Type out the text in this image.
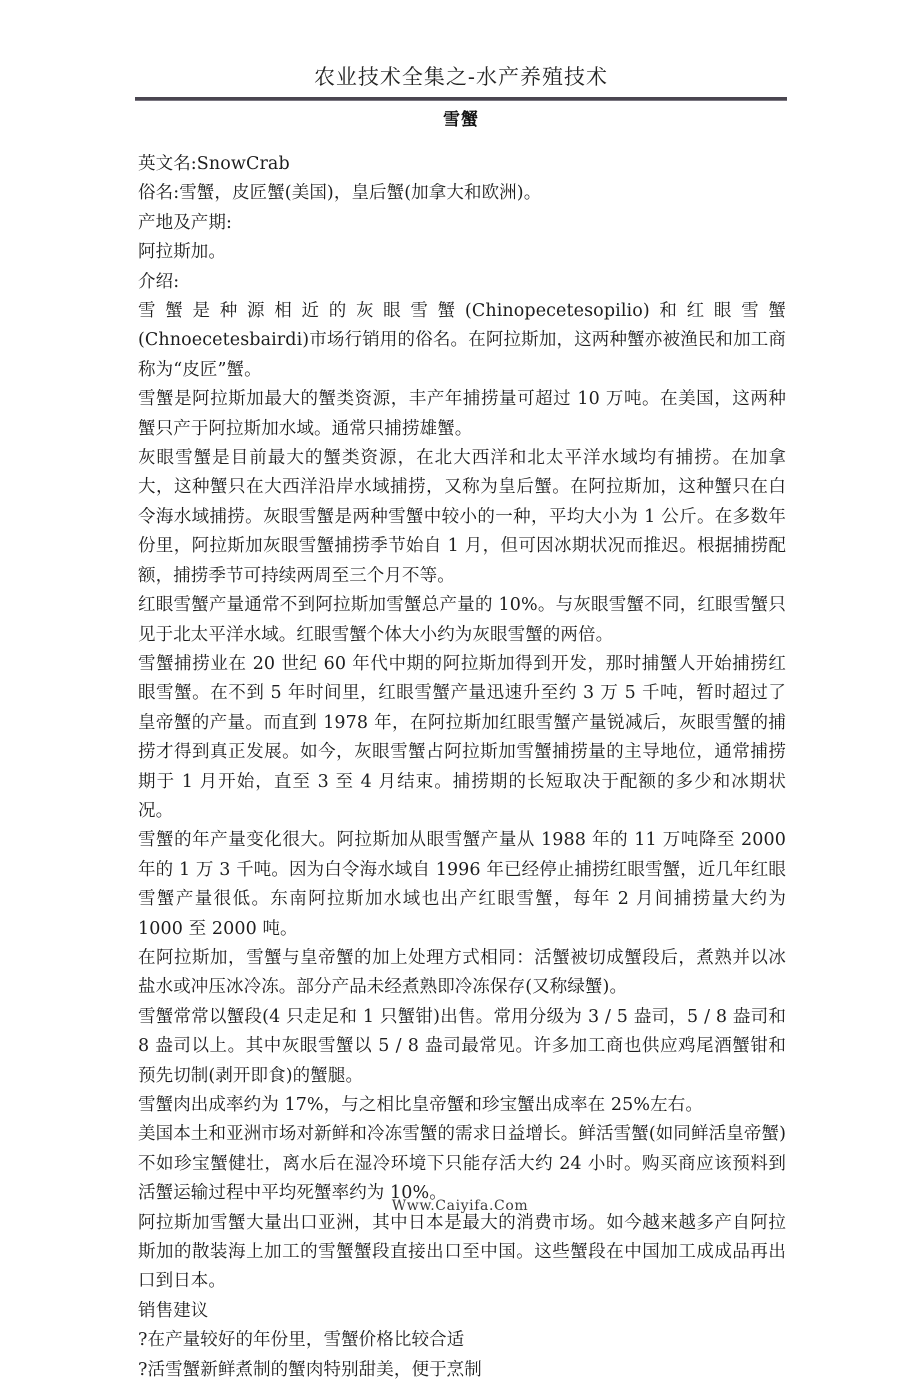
农业技术全集之-水产养殖技术
雪蟹

英文名:SnowCrab

俗名:雪蟹，皮匠蟹(美国)，皇后蟹(加拿大和欧洲)。

产地及产期:

阿拉斯加。

介绍:

雪蟹是种源相近的灰眼雪蟹(Chinopecetesopilio)和红眼雪蟹(Chnoecetesbairdi)市场行销用的俗名。在阿拉斯加，这两种蟹亦被渔民和加工商称为“皮匠”蟹。

雪蟹是阿拉斯加最大的蟹类资源，丰产年捕捞量可超过 10 万吨。在美国，这两种蟹只产于阿拉斯加水域。通常只捕捞雄蟹。

灰眼雪蟹是目前最大的蟹类资源，在北大西洋和北太平洋水域均有捕捞。在加拿大，这种蟹只在大西洋沿岸水域捕捞，又称为皇后蟹。在阿拉斯加，这种蟹只在白令海水域捕捞。灰眼雪蟹是两种雪蟹中较小的一种，平均大小为 1 公斤。在多数年份里，阿拉斯加灰眼雪蟹捕捞季节始自 1 月，但可因冰期状况而推迟。根据捕捞配额，捕捞季节可持续两周至三个月不等。

红眼雪蟹产量通常不到阿拉斯加雪蟹总产量的 10%。与灰眼雪蟹不同，红眼雪蟹只见于北太平洋水域。红眼雪蟹个体大小约为灰眼雪蟹的两倍。

雪蟹捕捞业在 20 世纪 60 年代中期的阿拉斯加得到开发，那时捕蟹人开始捕捞红眼雪蟹。在不到 5 年时间里，红眼雪蟹产量迅速升至约 3 万 5 千吨，暂时超过了皇帝蟹的产量。而直到 1978 年，在阿拉斯加红眼雪蟹产量锐减后，灰眼雪蟹的捕捞才得到真正发展。如今，灰眼雪蟹占阿拉斯加雪蟹捕捞量的主导地位，通常捕捞期于 1 月开始，直至 3 至 4 月结束。捕捞期的长短取决于配额的多少和冰期状况。

雪蟹的年产量变化很大。阿拉斯加从眼雪蟹产量从 1988 年的 11 万吨降至 2000 年的 1 万 3 千吨。因为白令海水域自 1996 年已经停止捕捞红眼雪蟹，近几年红眼雪蟹产量很低。东南阿拉斯加水域也出产红眼雪蟹，每年 2 月间捕捞量大约为 1000 至 2000 吨。

在阿拉斯加，雪蟹与皇帝蟹的加上处理方式相同：活蟹被切成蟹段后，煮熟并以冰盐水或冲压冰冷冻。部分产品未经煮熟即冷冻保存(又称绿蟹)。

雪蟹常常以蟹段(4 只走足和 1 只蟹钳)出售。常用分级为 3 / 5 盎司，5 / 8 盎司和 8 盎司以上。其中灰眼雪蟹以 5 / 8 盎司最常见。许多加工商也供应鸡尾酒蟹钳和预先切制(剥开即食)的蟹腿。

雪蟹肉出成率约为 17%，与之相比皇帝蟹和珍宝蟹出成率在 25%左右。

美国本土和亚洲市场对新鲜和冷冻雪蟹的需求日益增长。鲜活雪蟹(如同鲜活皇帝蟹)不如珍宝蟹健壮，离水后在湿冷环境下只能存活大约 24 小时。购买商应该预料到活蟹运输过程中平均死蟹率约为 10%。

阿拉斯加雪蟹大量出口亚洲，其中日本是最大的消费市场。如今越来越多产自阿拉斯加的散装海上加工的雪蟹蟹段直接出口至中国。这些蟹段在中国加工成成品再出口到日本。

销售建议

?在产量较好的年份里，雪蟹价格比较合适

?活雪蟹新鲜煮制的蟹肉特别甜美，便于烹制

Www.Caiyifa.Com
